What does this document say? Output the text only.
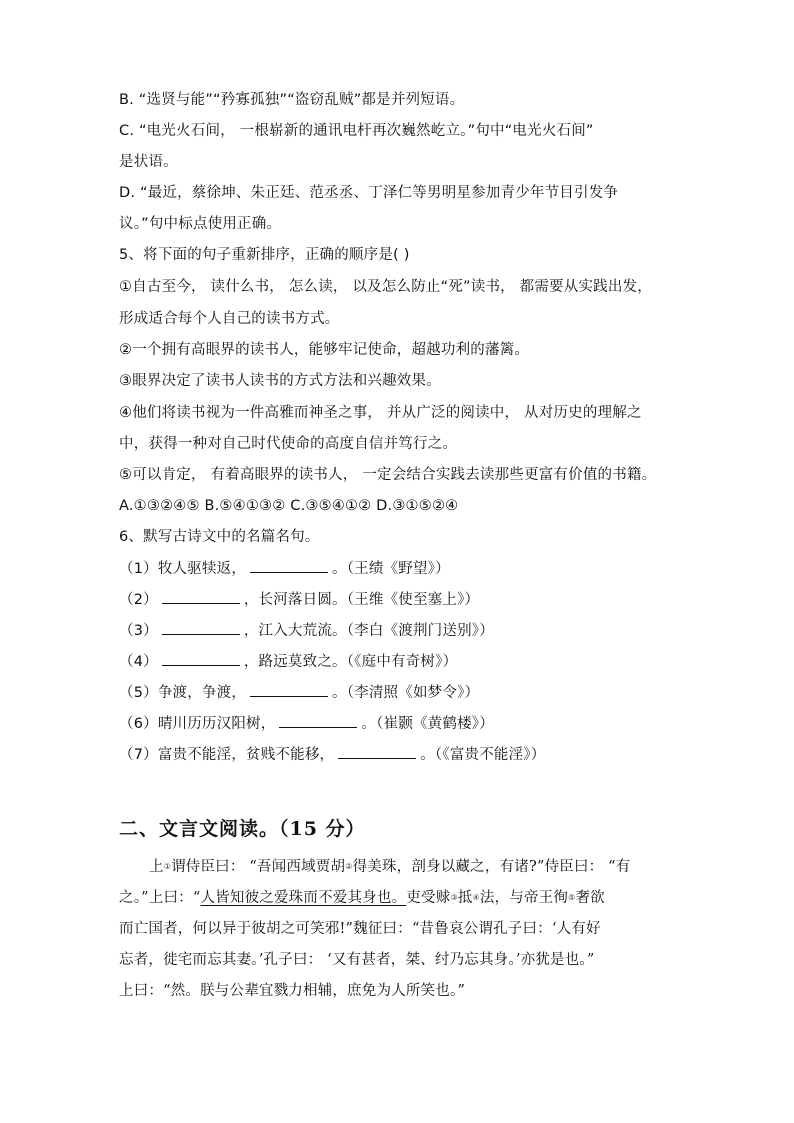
B. “选贤与能”“矜寡孤独”“盗窃乱贼”都是并列短语。
C. “电光火石间， 一根崭新的通讯电杆再次巍然屹立。”句中“电光火石间”
是状语。
D. “最近，蔡徐坤、朱正廷、范丞丞、丁泽仁等男明星参加青少年节目引发争
议。”句中标点使用正确。
5、将下面的句子重新排序，正确的顺序是( )
①自古至今， 读什么书， 怎么读， 以及怎么防止“死”读书， 都需要从实践出发，
形成适合每个人自己的读书方式。
②一个拥有高眼界的读书人，能够牢记使命，超越功利的藩篱。
③眼界决定了读书人读书的方式方法和兴趣效果。
④他们将读书视为一件高雅而神圣之事， 并从广泛的阅读中， 从对历史的理解之
中，获得一种对自己时代使命的高度自信并笃行之。
⑤可以肯定， 有着高眼界的读书人， 一定会结合实践去读那些更富有价值的书籍。
A.①③②④⑤ B.⑤④①③② C.③⑤④①② D.③①⑤②④
6、默写古诗文中的名篇名句。
（1）牧人驱犊返，	。（王绩《野望》）
（2）	，长河落日圆。（王维《使至塞上》）
（3）	，江入大荒流。（李白《渡荆门送别》）
（4）	，路远莫致之。（《庭中有奇树》）
（5）争渡，争渡，	。（李清照《如梦令》）
（6）晴川历历汉阳树，	。（崔颢《黄鹤楼》）
（7）富贵不能淫，贫贱不能移，	。（《富贵不能淫》）
二、文言文阅读。（15 分）
上①谓侍臣曰： “吾闻西域贾胡②得美珠，剖身以藏之，有诸?”侍臣曰： “有
之。”上曰：“人皆知彼之爱珠而不爱其身也。吏受赇③抵④法，与帝王徇⑤奢欲
而亡国者，何以异于彼胡之可笑邪!”魏征曰：“昔鲁哀公谓孔子曰：‘人有好
忘者，徙宅而忘其妻。’孔子曰： ‘又有甚者，桀、纣乃忘其身。’亦犹是也。”
上曰：“然。朕与公辈宜戮力相辅，庶免为人所笑也。”
